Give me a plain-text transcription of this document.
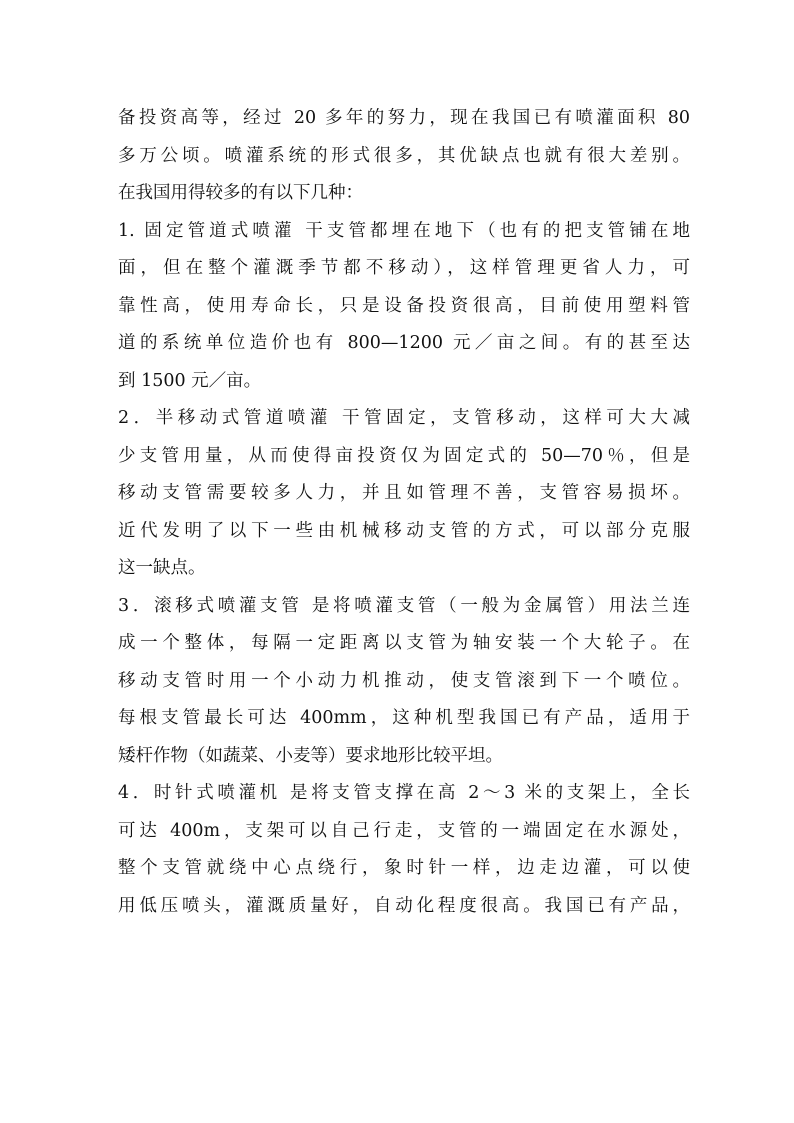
备投资高等，经过 20 多年的努力，现在我国已有喷灌面积 80
多万公顷。喷灌系统的形式很多，其优缺点也就有很大差别。
在我国用得较多的有以下几种：
1. 固定管道式喷灌 干支管都埋在地下（也有的把支管铺在地
面，但在整个灌溉季节都不移动），这样管理更省人力，可
靠性高，使用寿命长，只是设备投资很高，目前使用塑料管
道的系统单位造价也有 800—1200 元／亩之间。有的甚至达
到 1500 元／亩。
2．半移动式管道喷灌 干管固定，支管移动，这样可大大减
少支管用量，从而使得亩投资仅为固定式的 50—70％，但是
移动支管需要较多人力，并且如管理不善，支管容易损坏。
近代发明了以下一些由机械移动支管的方式，可以部分克服
这一缺点。
3．滚移式喷灌支管 是将喷灌支管（一般为金属管）用法兰连
成一个整体，每隔一定距离以支管为轴安装一个大轮子。在
移动支管时用一个小动力机推动，使支管滚到下一个喷位。
每根支管最长可达 400mm，这种机型我国已有产品，适用于
矮杆作物（如蔬菜、小麦等）要求地形比较平坦。
4．时针式喷灌机 是将支管支撑在高 2～3 米的支架上，全长
可达 400m，支架可以自己行走，支管的一端固定在水源处，
整个支管就绕中心点绕行，象时针一样，边走边灌，可以使
用低压喷头，灌溉质量好，自动化程度很高。我国已有产品，
